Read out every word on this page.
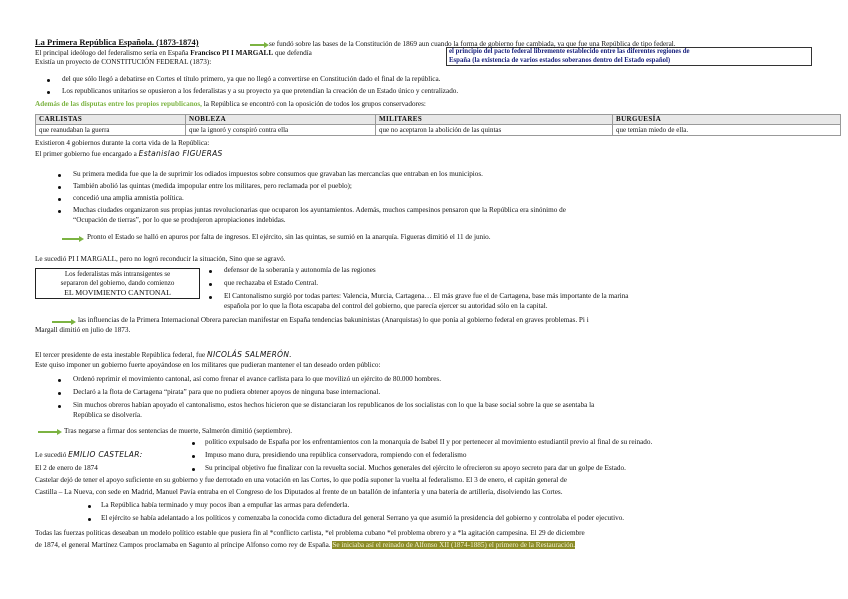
La Primera República Española. (1873-1874)	se fundó sobre las bases de la Constitución de 1869 aun cuando la forma de gobierno fue cambiada, ya que fue una República de tipo federal.
El principal ideólogo del federalismo sería en España Francisco PI I MARGALL que defendía	el principio del pacto federal libremente establecido entre las diferentes regiones de
España (la existencia de varios estados soberanos dentro del Estado español)
Existía un proyecto de CONSTITUCIÓN FEDERAL (1873):
del que sólo llegó a debatirse en Cortes el título primero, ya que no llegó a convertirse en Constitución dado el final de la república.
Los republicanos unitarios se opusieron a los federalistas y a su proyecto ya que pretendían la creación de un Estado único y centralizado.
Además de las disputas entre los propios republicanos, la República se encontró con la oposición de todos los grupos conservadores:
CARLISTAS	NOBLEZA	MILITARES	BURGUESÍA
que reanudaban la guerra	que la ignoró y conspiró contra ella	que no aceptaron la abolición de las quintas	que temían miedo de ella.
Existieron 4 gobiernos durante la corta vida de la República:
El primer gobierno fue encargado a Estanislao FIGUERAS
Su primera medida fue que la de suprimir los odiados impuestos sobre consumos que gravaban las mercancías que entraban en los municipios.
También abolió las quintas (medida impopular entre los militares, pero reclamada por el pueblo);
concedió una amplia amnistía política.
Muchas ciudades organizaron sus propias juntas revolucionarias que ocuparon los ayuntamientos. Además, muchos campesinos pensaron que la República era sinónimo de
“Ocupación de tierras”, por lo que se produjeron apropiaciones indebidas.
Pronto el Estado se halló en apuros por falta de ingresos. El ejército, sin las quintas, se sumió en la anarquía. Figueras dimitió el 11 de junio.
Le sucedió PI I MARGALL, pero no logró reconducir la situación, Sino que se agravó.
Los federalistas más intransigentes se
separaron del gobierno, dando comienzo
EL MOVIMIENTO CANTONAL
defensor de la soberanía y autonomía de las regiones
que rechazaba el Estado Central.
El Cantonalismo surgió por todas partes: Valencia, Murcia, Cartagena… El más grave fue el de Cartagena, base más importante de la marina
española por lo que la flota escapaba del control del gobierno, que parecía ejercer su autoridad sólo en la capital.
las influencias de la Primera Internacional Obrera parecían manifestar en España tendencias bakuninistas (Anarquistas) lo que ponía al gobierno federal en graves problemas. Pi i
Margall dimitió en julio de 1873.
El tercer presidente de esta inestable República federal, fue NICOLÁS SALMERÓN.
Este quiso imponer un gobierno fuerte apoyándose en los militares que pudieran mantener el tan deseado orden público:
Ordenó reprimir el movimiento cantonal, así como frenar el avance carlista para lo que movilizó un ejército de 80.000 hombres.
Declaró a la flota de Cartagena “pirata” para que no pudiera obtener apoyos de ninguna base internacional.
Sin muchos obreros habían apoyado el cantonalismo, estos hechos hicieron que se distanciaran los republicanos de los socialistas con lo que la base social sobre la que se asentaba la
República se disolvería.
Tras negarse a firmar dos sentencias de muerte, Salmerón dimitió (septiembre).
político expulsado de España por los enfrentamientos con la monarquía de Isabel II y por pertenecer al movimiento estudiantil previo al final de su reinado.
Le sucedió EMILIO CASTELAR:	Impuso mano dura, presidiendo una república conservadora, rompiendo con el federalismo
El 2 de enero de 1874	Su principal objetivo fue finalizar con la revuelta social. Muchos generales del ejército le ofrecieron su apoyo secreto para dar un golpe de Estado.
Castelar dejó de tener el apoyo suficiente en su gobierno y fue derrotado en una votación en las Cortes, lo que podía suponer la vuelta al federalismo. El 3 de enero, el capitán general de
Castilla – La Nueva, con sede en Madrid, Manuel Pavía entraba en el Congreso de los Diputados al frente de un batallón de infantería y una batería de artillería, disolviendo las Cortes.
La República había terminado y muy pocos iban a empuñar las armas para defenderla.
El ejército se había adelantado a los políticos y comenzaba la conocida como dictadura del general Serrano ya que asumió la presidencia del gobierno y controlaba el poder ejecutivo.
Todas las fuerzas políticas deseaban un modelo político estable que pusiera fin al *conflicto carlista, *el problema cubano *el problema obrero y a *la agitación campesina. El 29 de diciembre
de 1874, el general Martínez Campos proclamaba en Sagunto al príncipe Alfonso como rey de España. Se iniciaba así el reinado de Alfonso XII (1874-1885) el primero de la Restauración.
